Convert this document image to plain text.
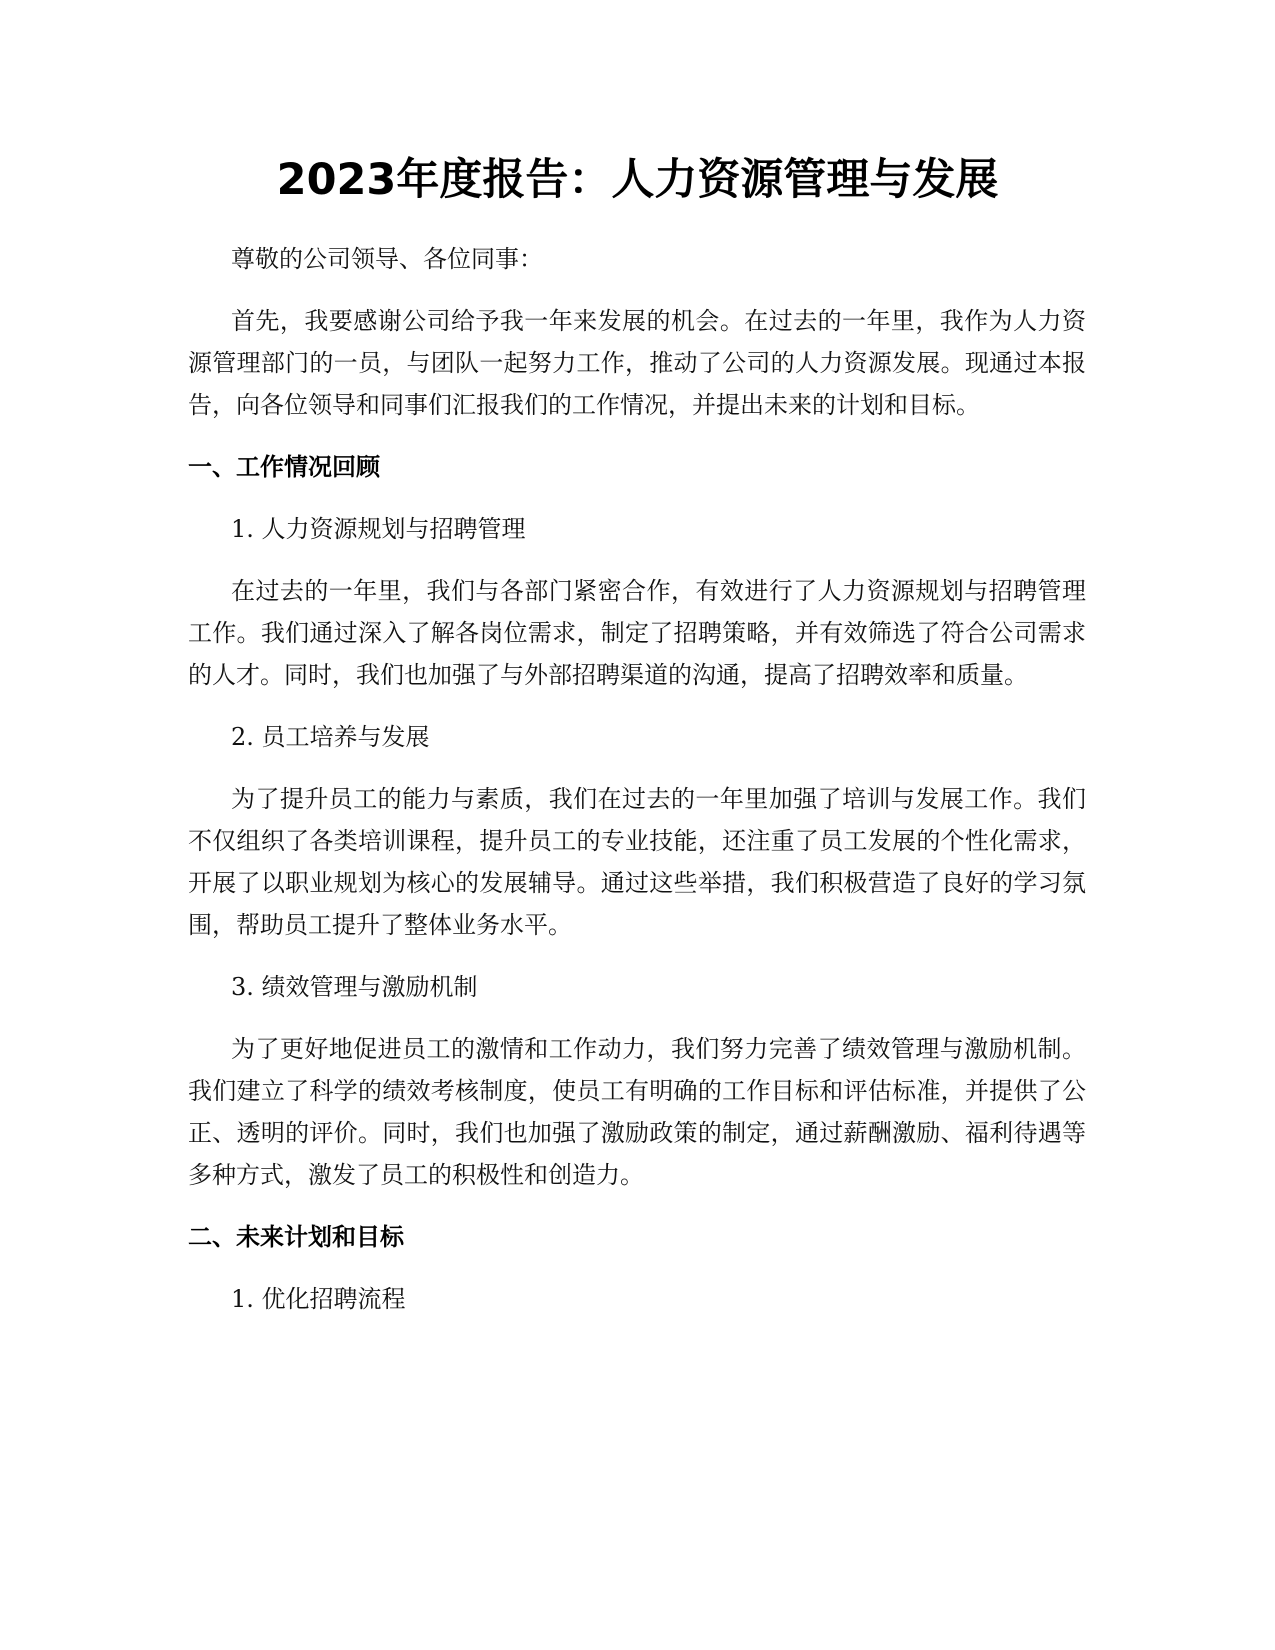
2023年度报告：人力资源管理与发展

尊敬的公司领导、各位同事：

首先，我要感谢公司给予我一年来发展的机会。在过去的一年里，我作为人力资源管理部门的一员，与团队一起努力工作，推动了公司的人力资源发展。现通过本报告，向各位领导和同事们汇报我们的工作情况，并提出未来的计划和目标。

一、工作情况回顾
1. 人力资源规划与招聘管理

在过去的一年里，我们与各部门紧密合作，有效进行了人力资源规划与招聘管理工作。我们通过深入了解各岗位需求，制定了招聘策略，并有效筛选了符合公司需求的人才。同时，我们也加强了与外部招聘渠道的沟通，提高了招聘效率和质量。

2. 员工培养与发展

为了提升员工的能力与素质，我们在过去的一年里加强了培训与发展工作。我们不仅组织了各类培训课程，提升员工的专业技能，还注重了员工发展的个性化需求，开展了以职业规划为核心的发展辅导。通过这些举措，我们积极营造了良好的学习氛围，帮助员工提升了整体业务水平。

3. 绩效管理与激励机制

为了更好地促进员工的激情和工作动力，我们努力完善了绩效管理与激励机制。我们建立了科学的绩效考核制度，使员工有明确的工作目标和评估标准，并提供了公正、透明的评价。同时，我们也加强了激励政策的制定，通过薪酬激励、福利待遇等多种方式，激发了员工的积极性和创造力。

二、未来计划和目标
1. 优化招聘流程
